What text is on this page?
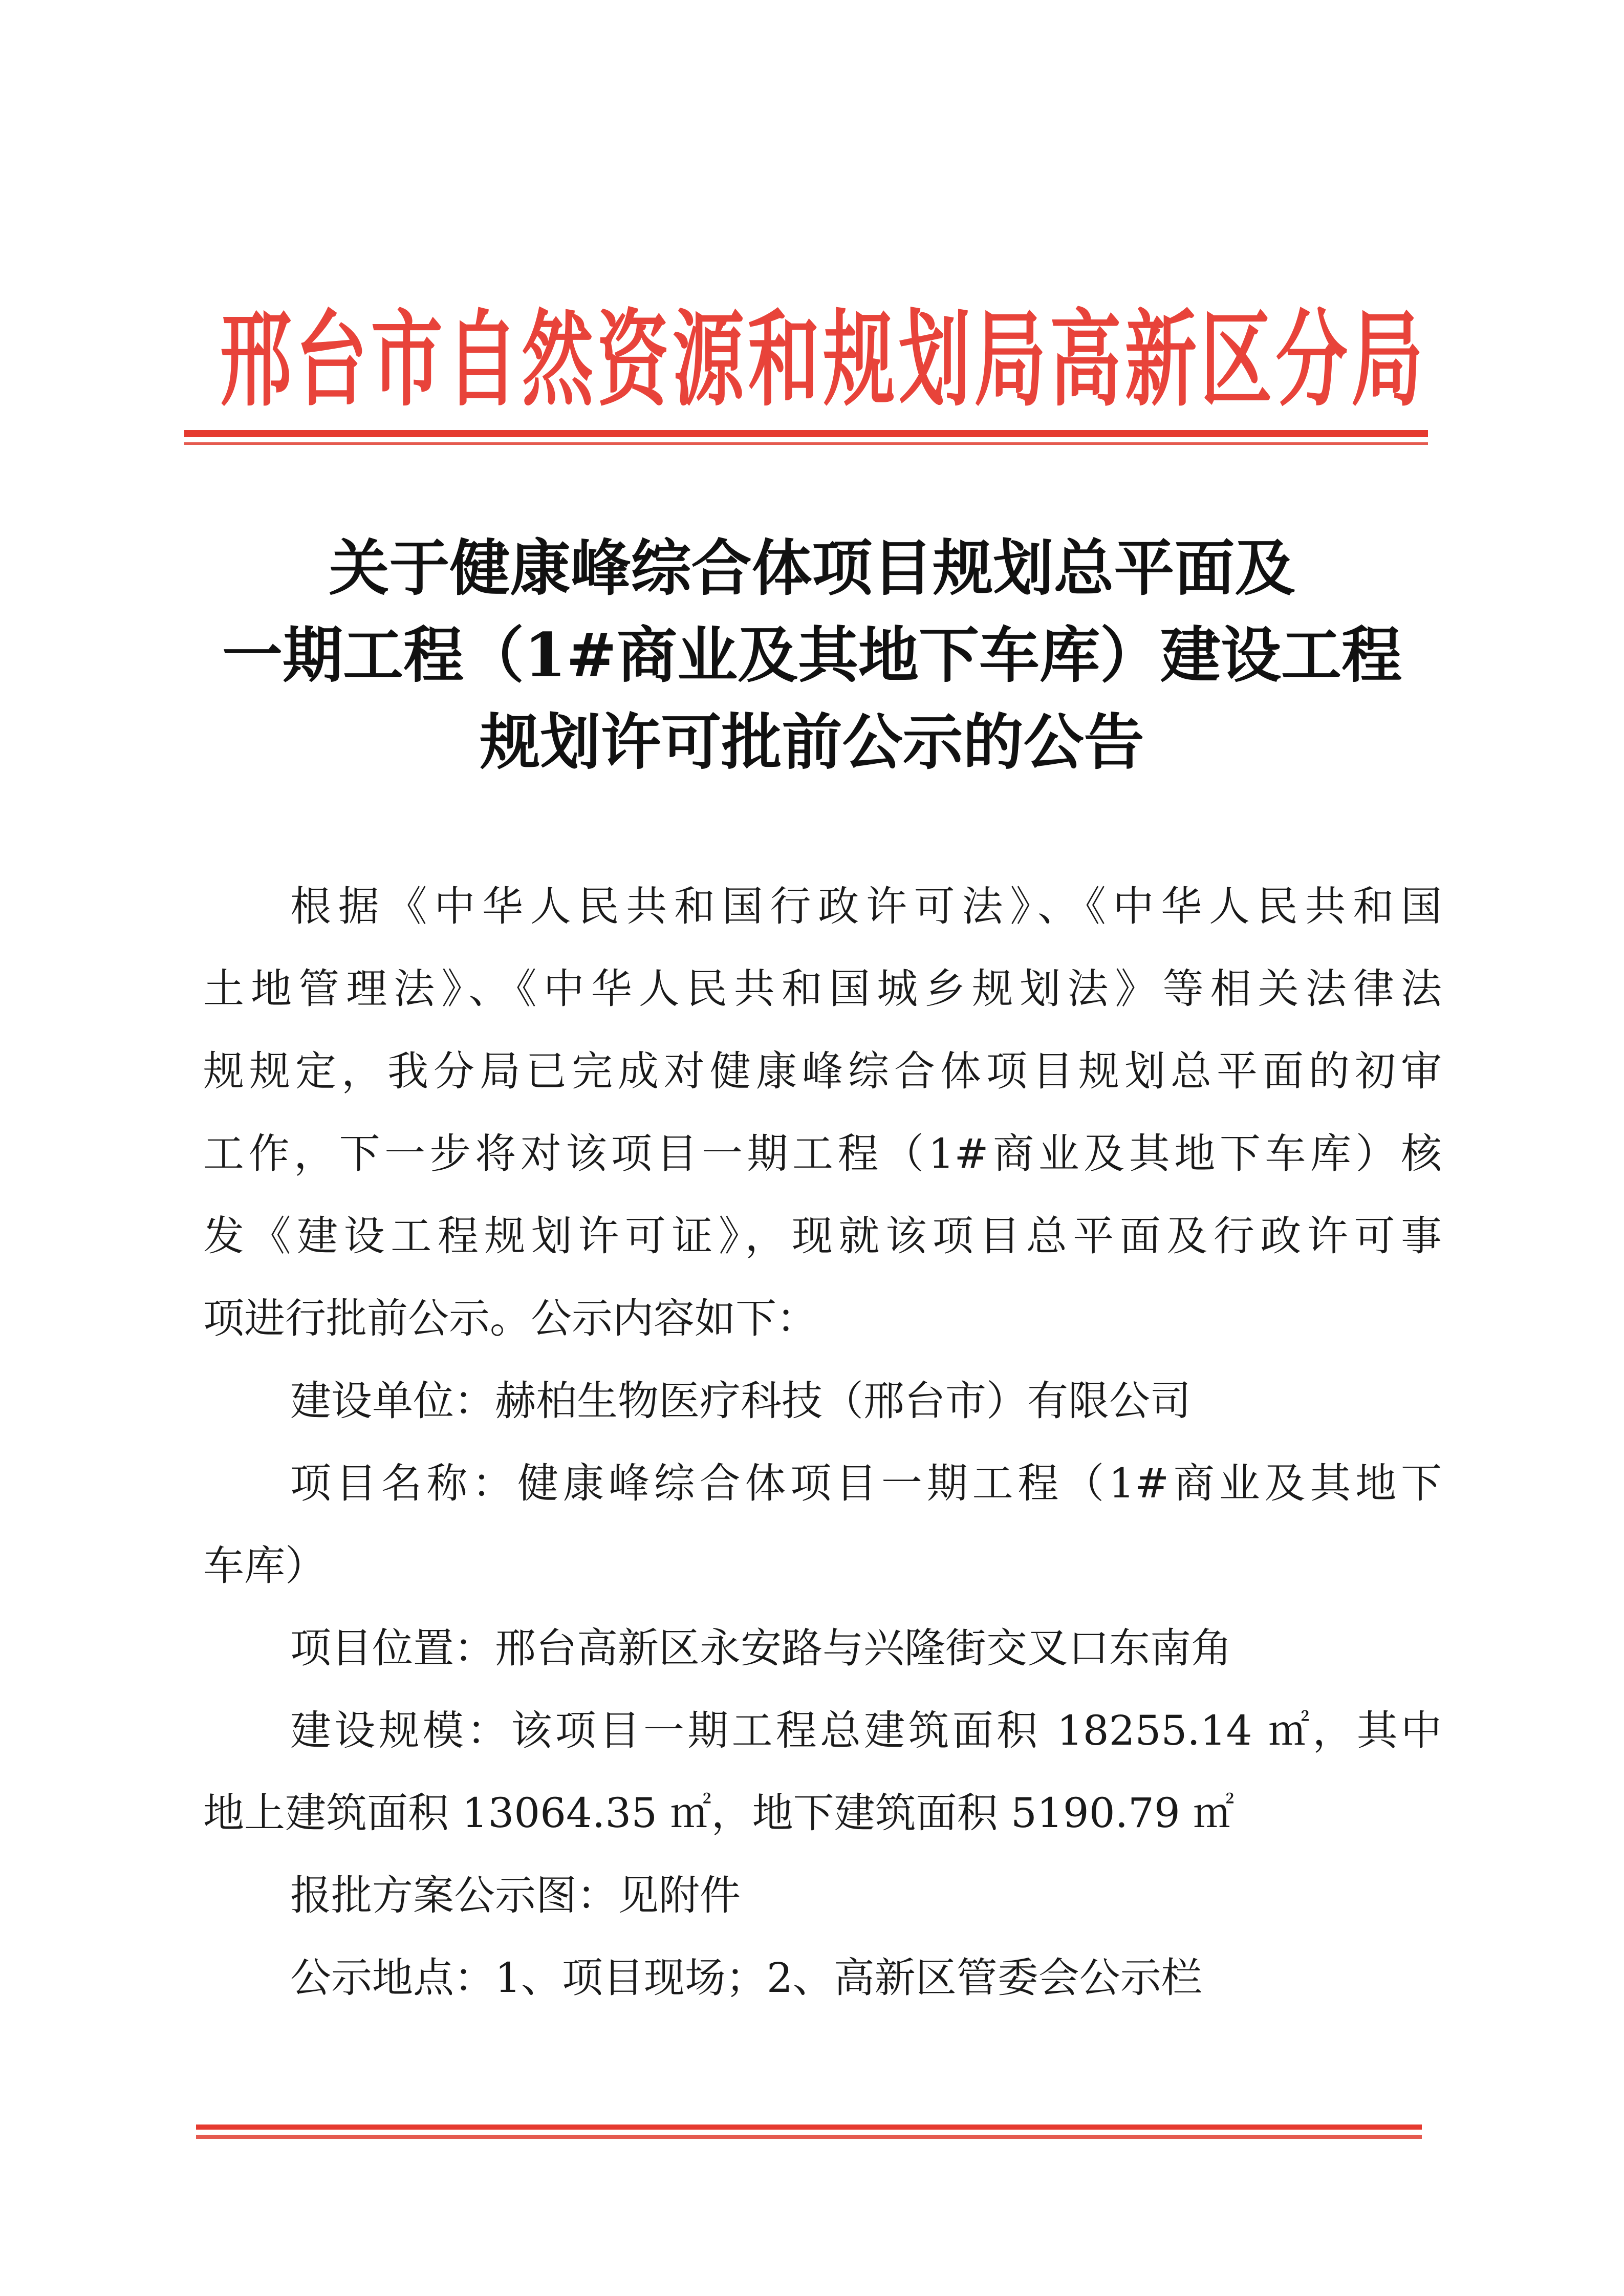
邢台市自然资源和规划局高新区分局
关于健康峰综合体项目规划总平面及
一期工程（1#商业及其地下车库）建设工程
规划许可批前公示的公告
根据《中华人民共和国行政许可法》、《中华人民共和国
土地管理法》、《中华人民共和国城乡规划法》等相关法律法
规规定，我分局已完成对健康峰综合体项目规划总平面的初审
工作，下一步将对该项目一期工程（1#商业及其地下车库）核
发《建设工程规划许可证》，现就该项目总平面及行政许可事
项进行批前公示。公示内容如下：
建设单位：赫柏生物医疗科技（邢台市）有限公司
项目名称：健康峰综合体项目一期工程（1#商业及其地下
车库）
项目位置：邢台高新区永安路与兴隆街交叉口东南角
建设规模：该项目一期工程总建筑面积 18255.14 ㎡，其中
地上建筑面积 13064.35 ㎡，地下建筑面积 5190.79 ㎡
报批方案公示图：见附件
公示地点：1、项目现场；2、高新区管委会公示栏
